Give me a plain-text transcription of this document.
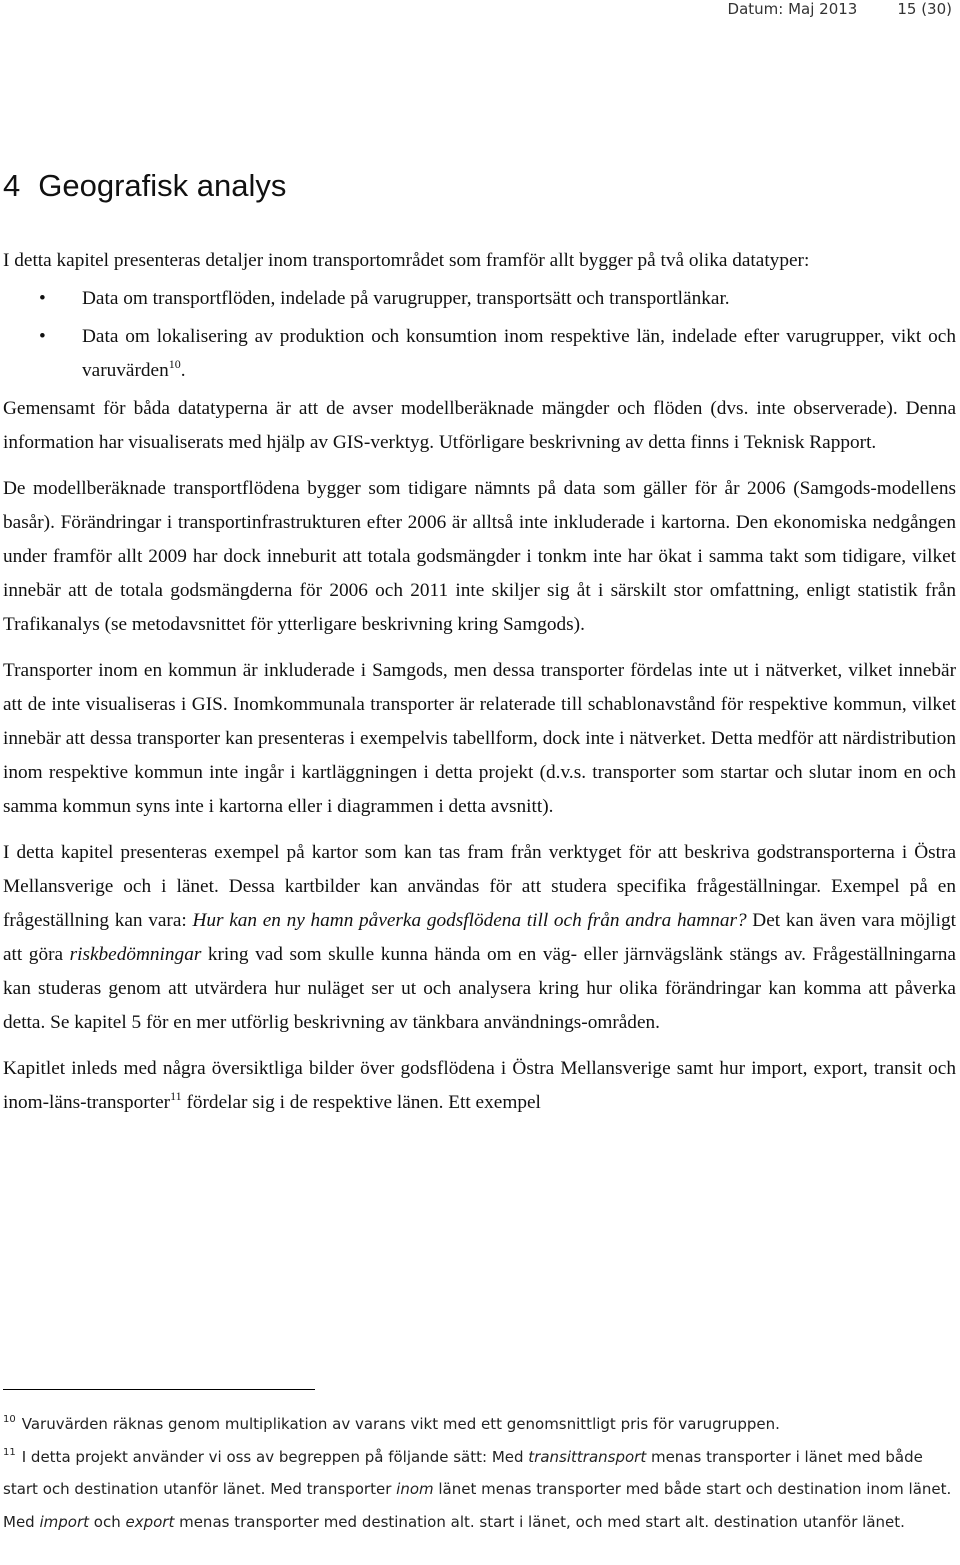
Datum: Maj 2013	15 (30)
4 Geografisk analys

I detta kapitel presenteras detaljer inom transportområdet som framför allt bygger på två olika datatyper:

• Data om transportflöden, indelade på varugrupper, transportsätt och transportlänkar.
• Data om lokalisering av produktion och konsumtion inom respektive län, indelade efter varugrupper, vikt och varuvärden$^{10}$.

Gemensamt för båda datatyperna är att de avser modellberäknade mängder och flöden (dvs. inte observerade). Denna information har visualiserats med hjälp av GIS-verktyg. Utförligare beskrivning av detta finns i Teknisk Rapport.

De modellberäknade transportflödena bygger som tidigare nämnts på data som gäller för år 2006 (Samgods-modellens basår). Förändringar i transportinfrastrukturen efter 2006 är alltså inte inkluderade i kartorna. Den ekonomiska nedgången under framför allt 2009 har dock inneburit att totala godsmängder i tonkm inte har ökat i samma takt som tidigare, vilket innebär att de totala godsmängderna för 2006 och 2011 inte skiljer sig åt i särskilt stor omfattning, enligt statistik från Trafikanalys (se metodavsnittet för ytterligare beskrivning kring Samgods).

Transporter inom en kommun är inkluderade i Samgods, men dessa transporter fördelas inte ut i nätverket, vilket innebär att de inte visualiseras i GIS. Inomkommunala transporter är relaterade till schablonavstånd för respektive kommun, vilket innebär att dessa transporter kan presenteras i exempelvis tabellform, dock inte i nätverket. Detta medför att närdistribution inom respektive kommun inte ingår i kartläggningen i detta projekt (d.v.s. transporter som startar och slutar inom en och samma kommun syns inte i kartorna eller i diagrammen i detta avsnitt).

I detta kapitel presenteras exempel på kartor som kan tas fram från verktyget för att beskriva godstransporterna i Östra Mellansverige och i länet. Dessa kartbilder kan användas för att studera specifika frågeställningar. Exempel på en frågeställning kan vara: Hur kan en ny hamn påverka godsflödena till och från andra hamnar? Det kan även vara möjligt att göra riskbedömningar kring vad som skulle kunna hända om en väg- eller järnvägslänk stängs av. Frågeställningarna kan studeras genom att utvärdera hur nuläget ser ut och analysera kring hur olika förändringar kan komma att påverka detta. Se kapitel 5 för en mer utförlig beskrivning av tänkbara användnings-områden.

Kapitlet inleds med några översiktliga bilder över godsflödena i Östra Mellansverige samt hur import, export, transit och inom-läns-transporter$^{11}$ fördelar sig i de respektive länen. Ett exempel

$^{10}$ Varuvärden räknas genom multiplikation av varans vikt med ett genomsnittligt pris för varugruppen.

$^{11}$ I detta projekt använder vi oss av begreppen på följande sätt: Med transittransport menas transporter i länet med både start och destination utanför länet. Med transporter inom länet menas transporter med både start och destination inom länet. Med import och export menas transporter med destination alt. start i länet, och med start alt. destination utanför länet.
